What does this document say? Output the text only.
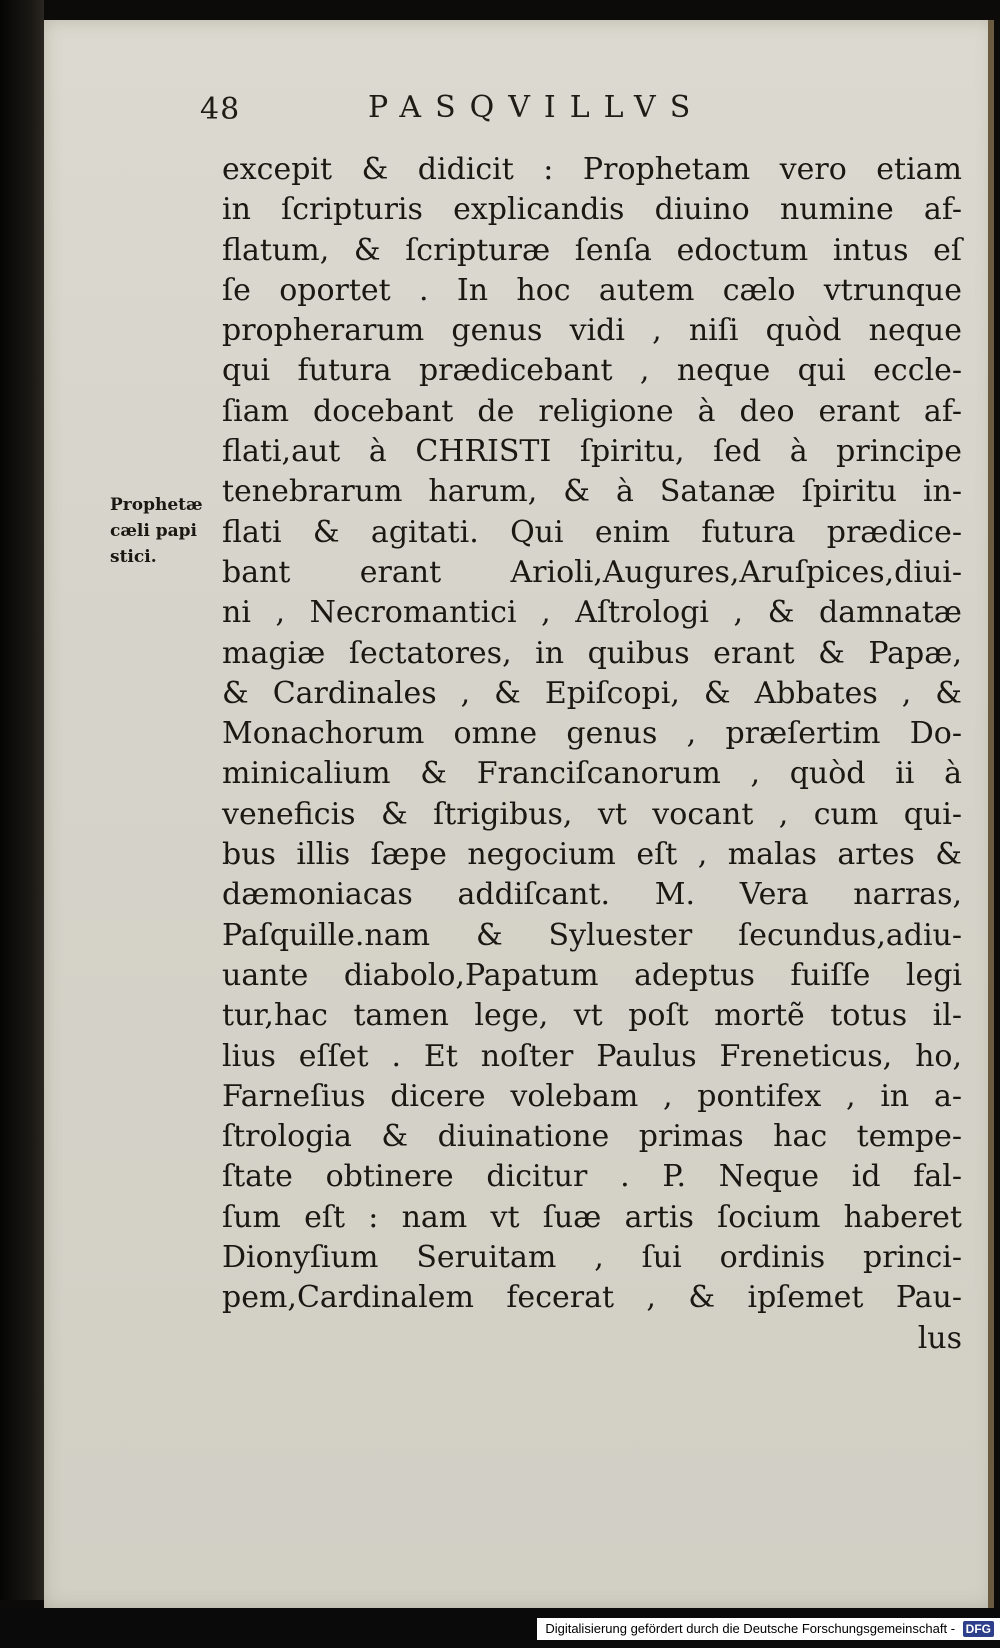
48	PASQVILLVS
Prophetæ
cæli papi
stici.
excepit & didicit : Prophetam vero etiam
in ſcripturis explicandis diuino numine af-
flatum, & ſcripturæ ſenſa edoctum intus eſ
ſe oportet . In hoc autem cælo vtrunque
propherarum genus vidi , niſi quòd neque
qui futura prædicebant , neque qui eccle-
ſiam docebant de religione à deo erant af-
flati,aut à CHRISTI ſpiritu, ſed à principe
tenebrarum harum, & à Satanæ ſpiritu in-
flati & agitati. Qui enim futura prædice-
bant erant Arioli,Augures,Aruſpices,diui-
ni , Necromantici , Aſtrologi , & damnatæ
magiæ ſectatores, in quibus erant & Papæ,
& Cardinales , & Epiſcopi, & Abbates , &
Monachorum omne genus , præſertim Do-
minicalium & Franciſcanorum , quòd ii à
veneficis & ſtrigibus, vt vocant , cum qui-
bus illis ſæpe negocium eſt , malas artes &
dæmoniacas addiſcant. M. Vera narras,
Paſquille.nam & Syluester ſecundus,adiu-
uante diabolo,Papatum adeptus fuiſſe legi
tur,hac tamen lege, vt poſt mortẽ totus il-
lius eſſet . Et noſter Paulus Freneticus, ho,
Farneſius dicere volebam , pontifex , in a-
ſtrologia & diuinatione primas hac tempe-
ſtate obtinere dicitur . P. Neque id fal-
ſum eſt : nam vt ſuæ artis ſocium haberet
Dionyſium Seruitam , ſui ordinis princi-
pem,Cardinalem fecerat , & ipſemet Pau-
lus
Digitalisierung gefördert durch die Deutsche Forschungsgemeinschaft - DFG
